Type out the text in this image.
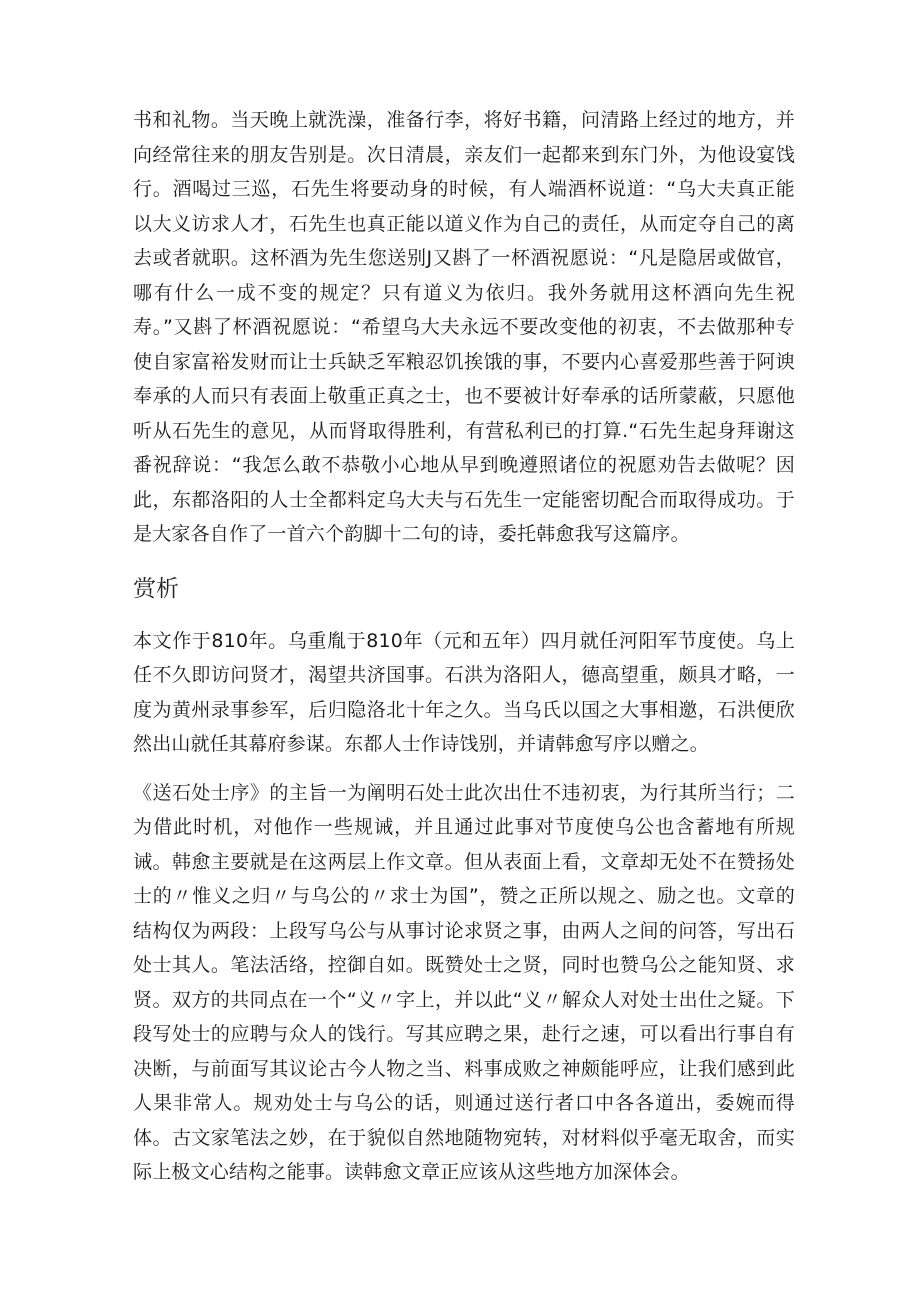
书和礼物。当天晚上就洗澡，准备行李，将好书籍，问清路上经过的地方，并向经常往来的朋友告别是。次日清晨，亲友们一起都来到东门外，为他设宴饯行。酒喝过三巡，石先生将要动身的时候，有人端酒杯说道：“乌大夫真正能以大义访求人才，石先生也真正能以道义作为自己的责任，从而定夺自己的离去或者就职。这杯酒为先生您送别J又斟了一杯酒祝愿说：“凡是隐居或做官，哪有什么一成不变的规定？只有道义为依归。我外务就用这杯酒向先生祝寿。”又斟了杯酒祝愿说：“希望乌大夫永远不要改变他的初衷，不去做那种专使自家富裕发财而让士兵缺乏军粮忍饥挨饿的事，不要内心喜爱那些善于阿谀奉承的人而只有表面上敬重正真之士，也不要被计好奉承的话所蒙蔽，只愿他听从石先生的意见，从而肾取得胜利，有营私利已的打算.“石先生起身拜谢这番祝辞说：“我怎么敢不恭敬小心地从早到晚遵照诸位的祝愿劝告去做呢？因此，东都洛阳的人士全都料定乌大夫与石先生一定能密切配合而取得成功。于是大家各自作了一首六个韵脚十二句的诗，委托韩愈我写这篇序。

赏析

本文作于810年。乌重胤于810年（元和五年）四月就任河阳军节度使。乌上任不久即访问贤才，渴望共济国事。石洪为洛阳人，德高望重，颇具才略，一度为黄州录事参军，后归隐洛北十年之久。当乌氏以国之大事相邀，石洪便欣然出山就任其幕府参谋。东都人士作诗饯别，并请韩愈写序以赠之。

《送石处士序》的主旨一为阐明石处士此次出仕不违初衷，为行其所当行；二为借此时机，对他作一些规诫，并且通过此事对节度使乌公也含蓄地有所规诫。韩愈主要就是在这两层上作文章。但从表面上看，文章却无处不在赞扬处士的〃惟义之归〃与乌公的〃求士为国”，赞之正所以规之、励之也。文章的结构仅为两段：上段写乌公与从事讨论求贤之事，由两人之间的问答，写出石处士其人。笔法活络，控御自如。既赞处士之贤，同时也赞乌公之能知贤、求贤。双方的共同点在一个“义〃字上，并以此“义〃解众人对处士出仕之疑。下段写处士的应聘与众人的饯行。写其应聘之果，赴行之速，可以看出行事自有决断，与前面写其议论古今人物之当、料事成败之神颇能呼应，让我们感到此人果非常人。规劝处士与乌公的话，则通过送行者口中各各道出，委婉而得体。古文家笔法之妙，在于貌似自然地随物宛转，对材料似乎毫无取舍，而实际上极文心结构之能事。读韩愈文章正应该从这些地方加深体会。
